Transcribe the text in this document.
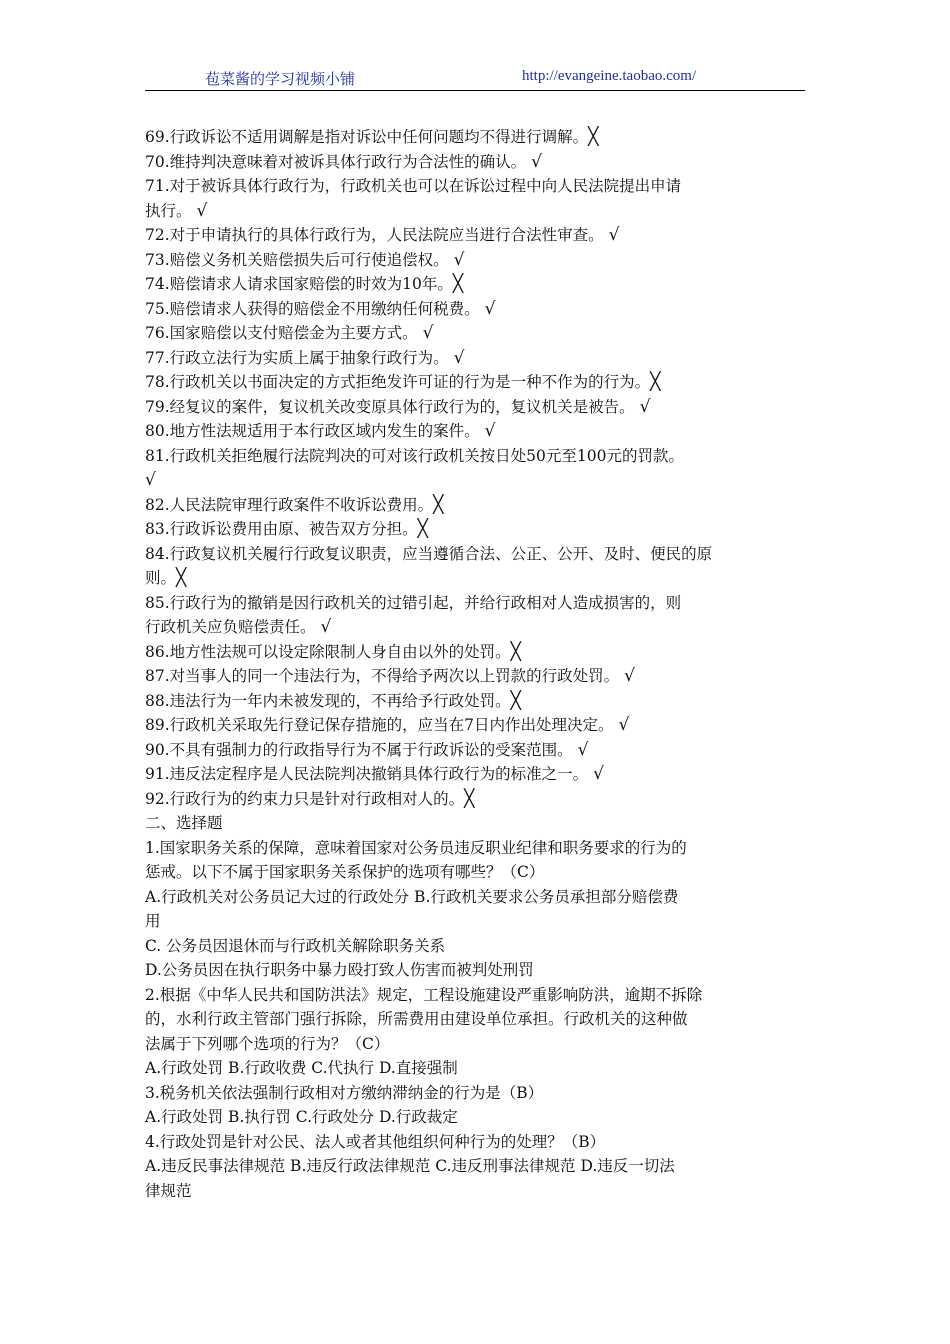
苞菜酱的学习视频小铺	http://evangeine.taobao.com/
69.行政诉讼不适用调解是指对诉讼中任何问题均不得进行调解。╳
70.维持判决意味着对被诉具体行政行为合法性的确认。 √
71.对于被诉具体行政行为，行政机关也可以在诉讼过程中向人民法院提出申请
执行。 √
72.对于申请执行的具体行政行为，人民法院应当进行合法性审查。 √
73.赔偿义务机关赔偿损失后可行使追偿权。 √
74.赔偿请求人请求国家赔偿的时效为10年。╳
75.赔偿请求人获得的赔偿金不用缴纳任何税费。 √
76.国家赔偿以支付赔偿金为主要方式。 √
77.行政立法行为实质上属于抽象行政行为。 √
78.行政机关以书面决定的方式拒绝发许可证的行为是一种不作为的行为。╳
79.经复议的案件，复议机关改变原具体行政行为的，复议机关是被告。 √
80.地方性法规适用于本行政区域内发生的案件。 √
81.行政机关拒绝履行法院判决的可对该行政机关按日处50元至100元的罚款。
√
82.人民法院审理行政案件不收诉讼费用。╳
83.行政诉讼费用由原、被告双方分担。╳
84.行政复议机关履行行政复议职责，应当遵循合法、公正、公开、及时、便民的原
则。╳
85.行政行为的撤销是因行政机关的过错引起，并给行政相对人造成损害的，则
行政机关应负赔偿责任。 √
86.地方性法规可以设定除限制人身自由以外的处罚。╳
87.对当事人的同一个违法行为，不得给予两次以上罚款的行政处罚。 √
88.违法行为一年内未被发现的，不再给予行政处罚。╳
89.行政机关采取先行登记保存措施的，应当在7日内作出处理决定。 √
90.不具有强制力的行政指导行为不属于行政诉讼的受案范围。 √
91.违反法定程序是人民法院判决撤销具体行政行为的标准之一。 √
92.行政行为的约束力只是针对行政相对人的。╳
二、选择题
1.国家职务关系的保障，意味着国家对公务员违反职业纪律和职务要求的行为的
惩戒。以下不属于国家职务关系保护的选项有哪些？（C）
A.行政机关对公务员记大过的行政处分 B.行政机关要求公务员承担部分赔偿费
用
C. 公务员因退休而与行政机关解除职务关系
D.公务员因在执行职务中暴力殴打致人伤害而被判处刑罚
2.根据《中华人民共和国防洪法》规定，工程设施建设严重影响防洪，逾期不拆除
的，水利行政主管部门强行拆除，所需费用由建设单位承担。行政机关的这种做
法属于下列哪个选项的行为？（C）
A.行政处罚 B.行政收费 C.代执行 D.直接强制
3.税务机关依法强制行政相对方缴纳滞纳金的行为是（B）
A.行政处罚 B.执行罚 C.行政处分 D.行政裁定
4.行政处罚是针对公民、法人或者其他组织何种行为的处理？（B）
A.违反民事法律规范 B.违反行政法律规范 C.违反刑事法律规范 D.违反一切法
律规范
